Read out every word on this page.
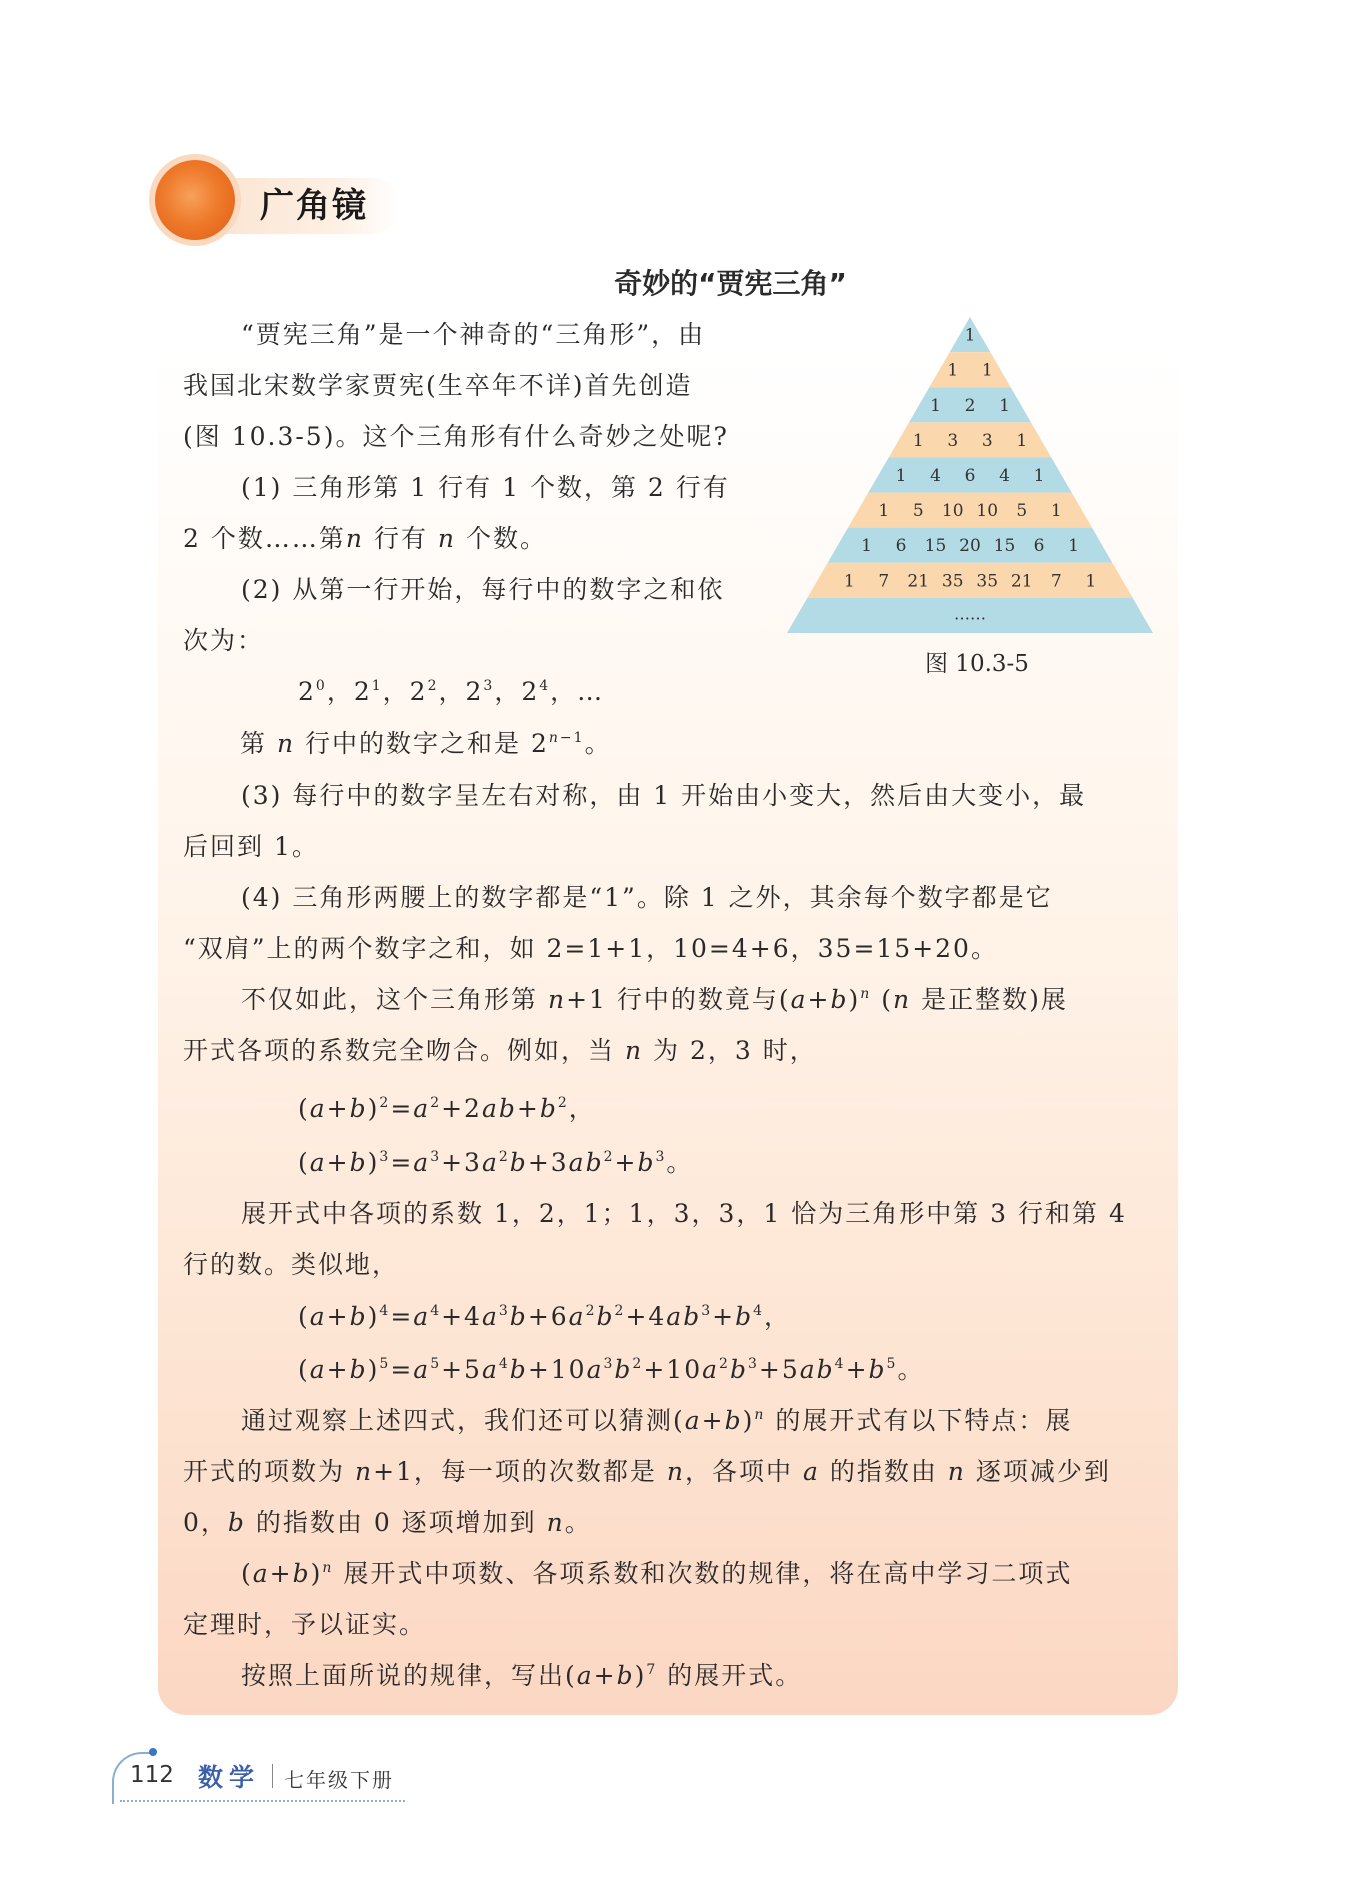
广角镜
奇妙的“贾宪三角”
“贾宪三角”是一个神奇的“三角形”，由
我国北宋数学家贾宪(生卒年不详)首先创造
(图 10.3-5)。这个三角形有什么奇妙之处呢?
(1) 三角形第 1 行有 1 个数，第 2 行有
2 个数……第n 行有 n 个数。
(2) 从第一行开始，每行中的数字之和依
次为：
$2^0$，$2^1$，$2^2$，$2^3$，$2^4$，…
第 n 行中的数字之和是 $2^{n-1}$。
(3) 每行中的数字呈左右对称，由 1 开始由小变大，然后由大变小，最
后回到 1。
(4) 三角形两腰上的数字都是“1”。除 1 之外，其余每个数字都是它
“双肩”上的两个数字之和，如 2=1+1，10=4+6，35=15+20。
不仅如此，这个三角形第 n+1 行中的数竟与$(a+b)^n$ (n 是正整数)展
开式各项的系数完全吻合。例如，当 n 为 2，3 时，
$(a+b)^2=a^2+2ab+b^2$，
$(a+b)^3=a^3+3a^2b+3ab^2+b^3$。
展开式中各项的系数 1，2，1；1，3，3，1 恰为三角形中第 3 行和第 4
行的数。类似地，
$(a+b)^4=a^4+4a^3b+6a^2b^2+4ab^3+b^4$，
$(a+b)^5=a^5+5a^4b+10a^3b^2+10a^2b^3+5ab^4+b^5$。
通过观察上述四式，我们还可以猜测$(a+b)^n$ 的展开式有以下特点：展
开式的项数为 n+1，每一项的次数都是 n，各项中 a 的指数由 n 逐项减少到
0，b 的指数由 0 逐项增加到 n。
$(a+b)^n$ 展开式中项数、各项系数和次数的规律，将在高中学习二项式
定理时，予以证实。
按照上面所说的规律，写出$(a+b)^7$ 的展开式。
1
1 1
1 2 1
1 3 3 1
1 4 6 4 1
1 5 10 10 5 1
1 6 15 20 15 6 1
1 7 21 35 35 21 7 1
……
图 10.3-5
112 数学 七年级下册
